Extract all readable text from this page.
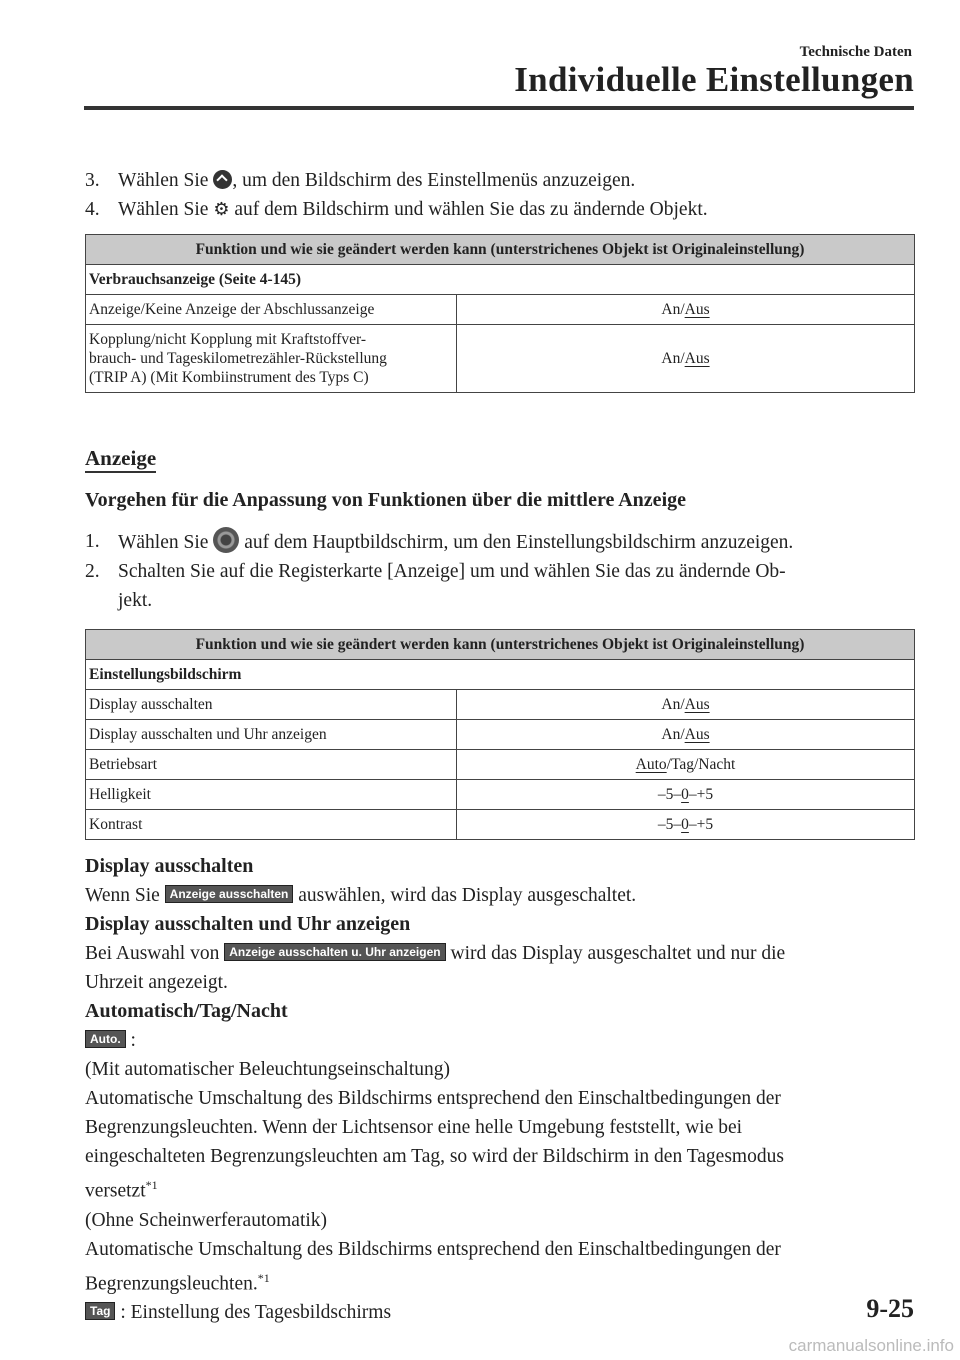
Technische Daten
Individuelle Einstellungen
3. Wählen Sie , um den Bildschirm des Einstellmenüs anzuzeigen.
4. Wählen Sie ⚙ auf dem Bildschirm und wählen Sie das zu ändernde Objekt.
Funktion und wie sie geändert werden kann (unterstrichenes Objekt ist Originaleinstellung)	
Verbrauchsanzeige (Seite 4-145)	
Anzeige/Keine Anzeige der Abschlussanzeige	An/Aus
Kopplung/nicht Kopplung mit Kraftstoffver-
brauch- und Tageskilometrezähler-Rückstellung
(TRIP A) (Mit Kombiinstrument des Typs C)	An/Aus
Anzeige
Vorgehen für die Anpassung von Funktionen über die mittlere Anzeige
1. Wählen Sie  auf dem Hauptbildschirm, um den Einstellungsbildschirm anzuzeigen.
2. Schalten Sie auf die Registerkarte [Anzeige] um und wählen Sie das zu ändernde Ob-
jekt.
Funktion und wie sie geändert werden kann (unterstrichenes Objekt ist Originaleinstellung)	
Einstellungsbildschirm	
Display ausschalten	An/Aus
Display ausschalten und Uhr anzeigen	An/Aus
Betriebsart	Auto/Tag/Nacht
Helligkeit	–5–0–+5
Kontrast	–5–0–+5
Display ausschalten
Wenn Sie Anzeige ausschalten auswählen, wird das Display ausgeschaltet.
Display ausschalten und Uhr anzeigen
Bei Auswahl von Anzeige ausschalten u. Uhr anzeigen wird das Display ausgeschaltet und nur die
Uhrzeit angezeigt.
Automatisch/Tag/Nacht
Auto. :
(Mit automatischer Beleuchtungseinschaltung)
Automatische Umschaltung des Bildschirms entsprechend den Einschaltbedingungen der
Begrenzungsleuchten. Wenn der Lichtsensor eine helle Umgebung feststellt, wie bei
eingeschalteten Begrenzungsleuchten am Tag, so wird der Bildschirm in den Tagesmodus
versetzt$^{*1}$
(Ohne Scheinwerferautomatik)
Automatische Umschaltung des Bildschirms entsprechend den Einschaltbedingungen der
Begrenzungsleuchten.$^{*1}$
Tag : Einstellung des Tagesbildschirms	9-25
carmanualsonline.info
